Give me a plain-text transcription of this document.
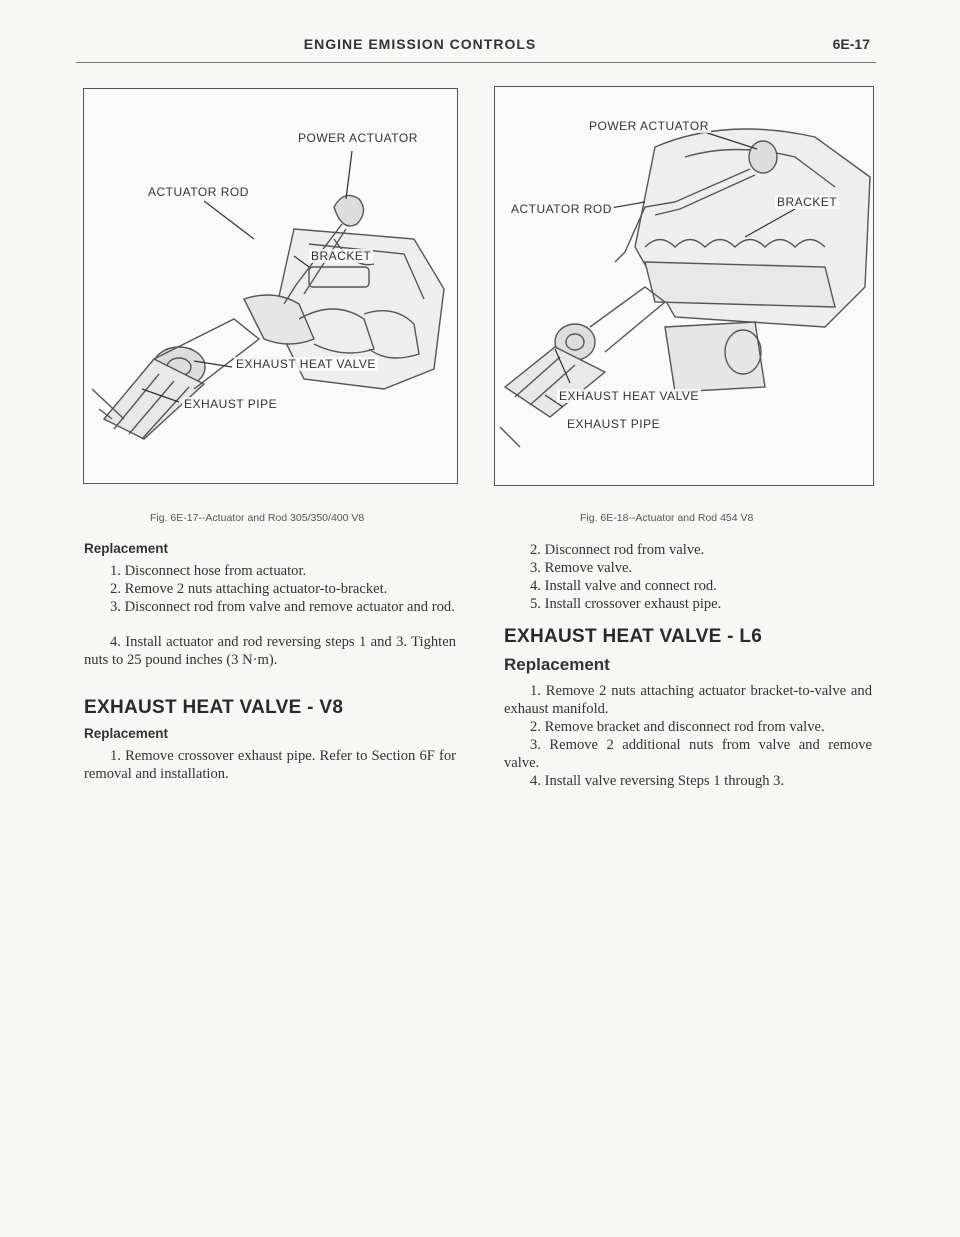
ENGINE EMISSION CONTROLS	6E-17
POWER ACTUATOR
ACTUATOR ROD
BRACKET
EXHAUST HEAT VALVE
EXHAUST PIPE
Fig. 6E-17--Actuator and Rod 305/350/400 V8
POWER ACTUATOR
ACTUATOR ROD	BRACKET
EXHAUST HEAT VALVE
EXHAUST PIPE
Fig. 6E-18--Actuator and Rod 454 V8
Replacement

1. Disconnect hose from actuator.

2. Remove 2 nuts attaching actuator-to-bracket.

3. Disconnect rod from valve and remove actuator and rod.

4. Install actuator and rod reversing steps 1 and 3. Tighten nuts to 25 pound inches (3 N·m).

EXHAUST HEAT VALVE - V8
Replacement

1. Remove crossover exhaust pipe. Refer to Section 6F for removal and installation.

2. Disconnect rod from valve.

3. Remove valve.

4. Install valve and connect rod.

5. Install crossover exhaust pipe.

EXHAUST HEAT VALVE - L6
Replacement

1. Remove 2 nuts attaching actuator bracket-to-valve and exhaust manifold.

2. Remove bracket and disconnect rod from valve.

3. Remove 2 additional nuts from valve and remove valve.

4. Install valve reversing Steps 1 through 3.
